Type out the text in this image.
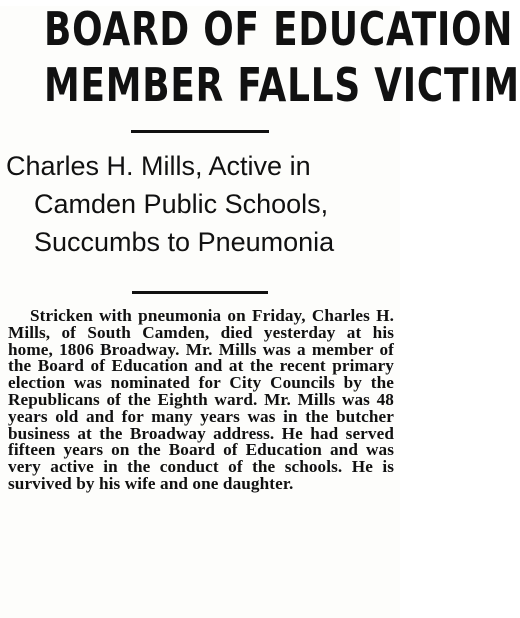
BOARD OF EDUCATION
MEMBER FALLS VICTIM
Charles H. Mills, Active in
Camden Public Schools,
Succumbs to Pneumonia

Stricken with pneumonia on Friday, Charles H. Mills, of South Camden, died yesterday at his home, 1806 Broadway. Mr. Mills was a member of the Board of Education and at the recent primary election was nominated for City Councils by the Republicans of the Eighth ward. Mr. Mills was 48 years old and for many years was in the butcher business at the Broadway address. He had served fifteen years on the Board of Education and was very active in the conduct of the schools. He is survived by his wife and one daughter.
